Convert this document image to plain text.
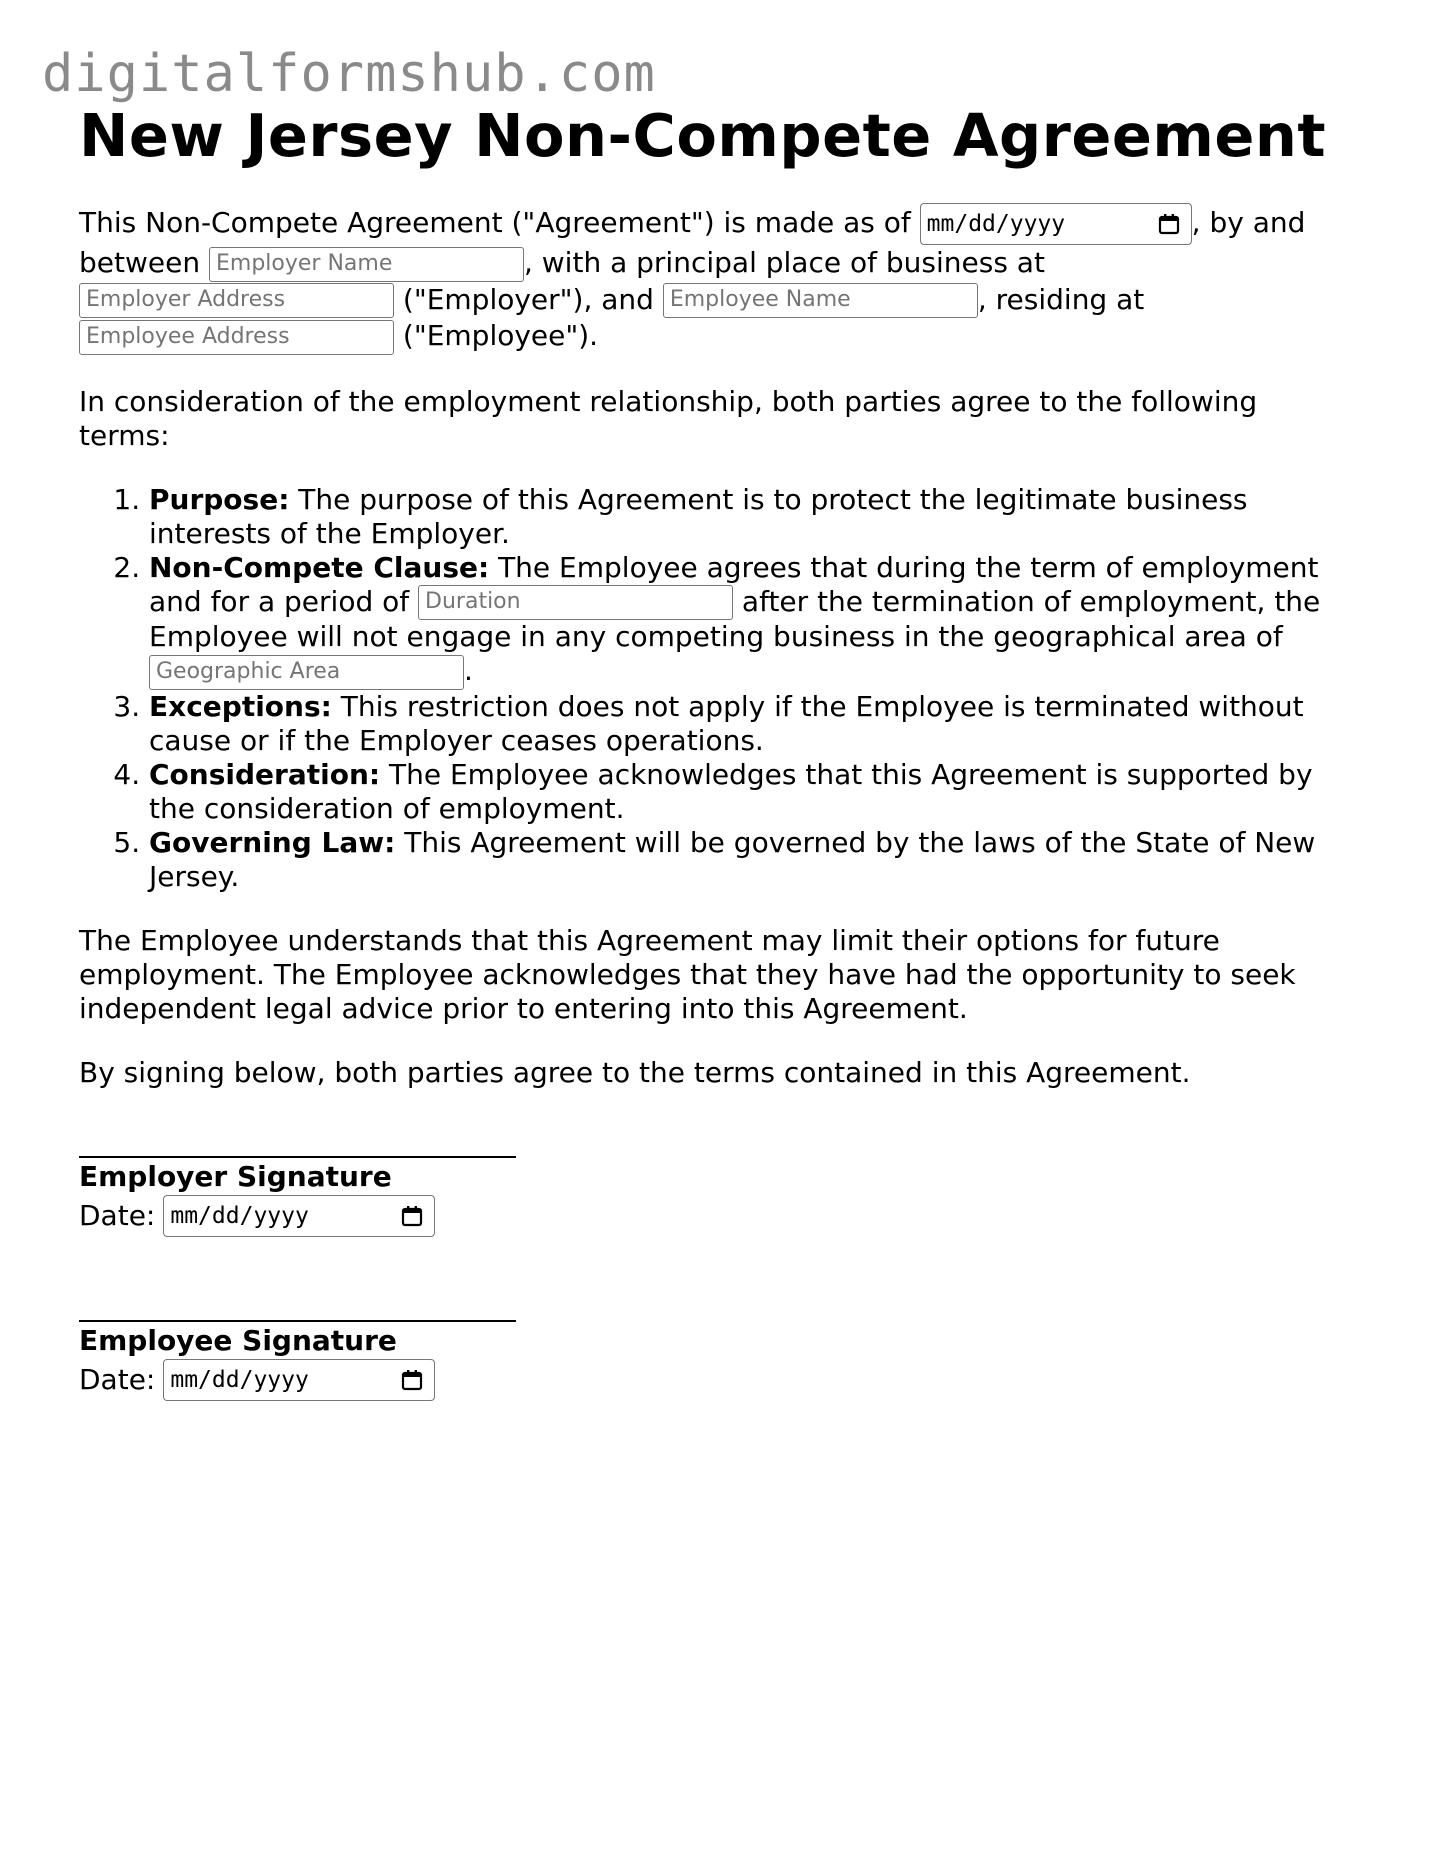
digitalformshub.com
New Jersey Non-Compete Agreement

This Non-Compete Agreement ("Agreement") is made as of mm/dd/yyyy	, by and between Employer Name	, with a principal place of business at Employer Address	("Employer"), and Employee Name	, residing at Employee Address	("Employee").

In consideration of the employment relationship, both parties agree to the following terms:

1. Purpose: The purpose of this Agreement is to protect the legitimate business interests of the Employer.
2. Non-Compete Clause: The Employee agrees that during the term of employment and for a period of Duration	after the termination of employment, the Employee will not engage in any competing business in the geographical area of Geographic Area	.
3. Exceptions: This restriction does not apply if the Employee is terminated without cause or if the Employer ceases operations.
4. Consideration: The Employee acknowledges that this Agreement is supported by the consideration of employment.
5. Governing Law: This Agreement will be governed by the laws of the State of New Jersey.

The Employee understands that this Agreement may limit their options for future employment. The Employee acknowledges that they have had the opportunity to seek independent legal advice prior to entering into this Agreement.

By signing below, both parties agree to the terms contained in this Agreement.

Employer Signature
Date: mm/dd/yyyy
Employee Signature
Date: mm/dd/yyyy
